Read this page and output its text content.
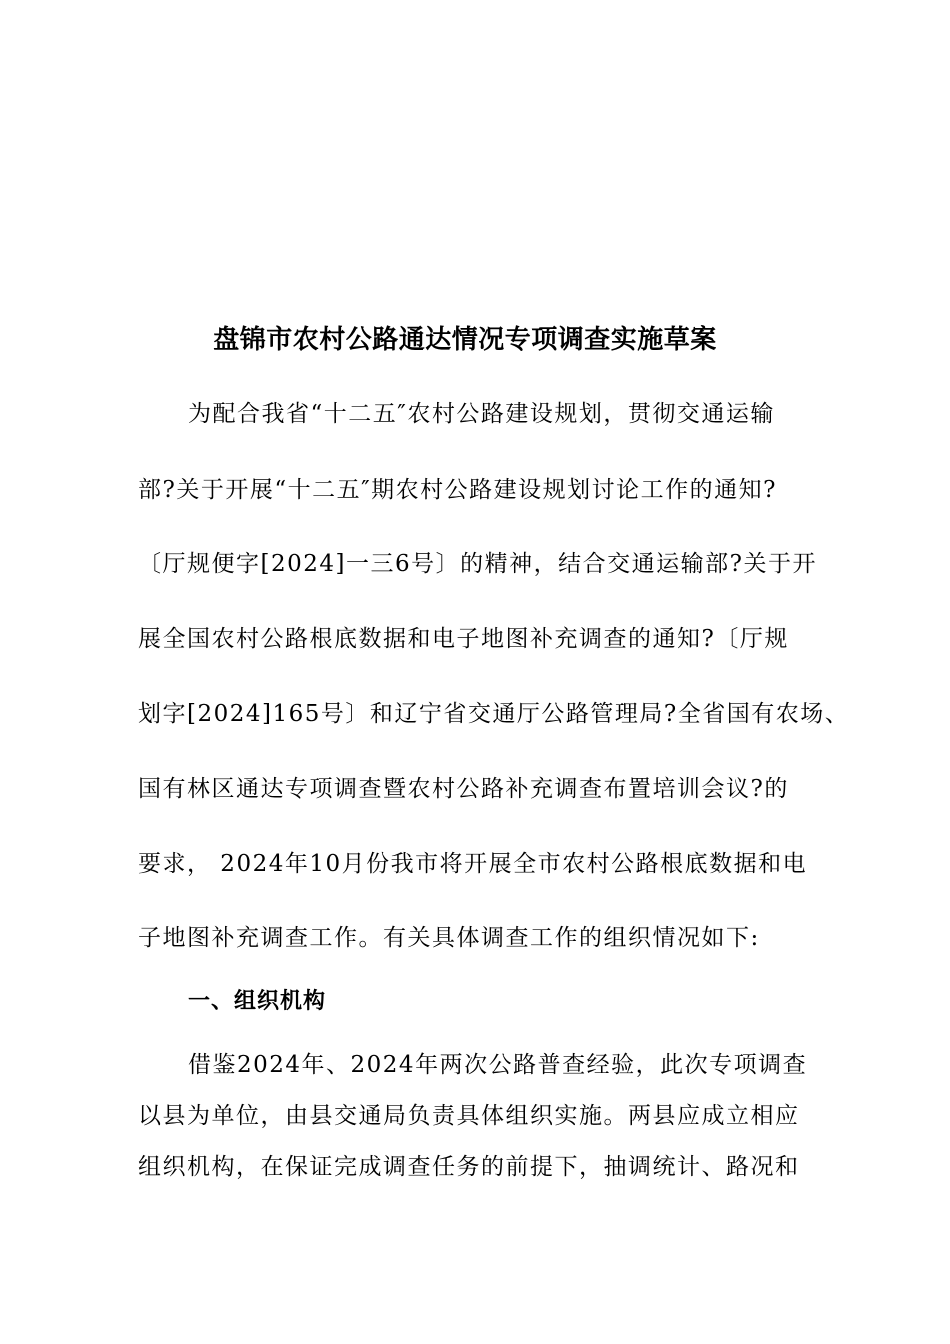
盘锦市农村公路通达情况专项调查实施草案
为配合我省“十二五″农村公路建设规划，贯彻交通运输
部?关于开展“十二五″期农村公路建设规划讨论工作的通知?
〔厅规便字[2024]一三6号〕的精神，结合交通运输部?关于开
展全国农村公路根底数据和电子地图补充调查的通知?〔厅规
划字[2024]165号〕和辽宁省交通厅公路管理局?全省国有农场、
国有林区通达专项调查暨农村公路补充调查布置培训会议?的
要求， 2024年10月份我市将开展全市农村公路根底数据和电
子地图补充调查工作。有关具体调查工作的组织情况如下:
一、组织机构
借鉴2024年、2024年两次公路普查经验，此次专项调查
以县为单位，由县交通局负责具体组织实施。两县应成立相应
组织机构，在保证完成调查任务的前提下，抽调统计、路况和
